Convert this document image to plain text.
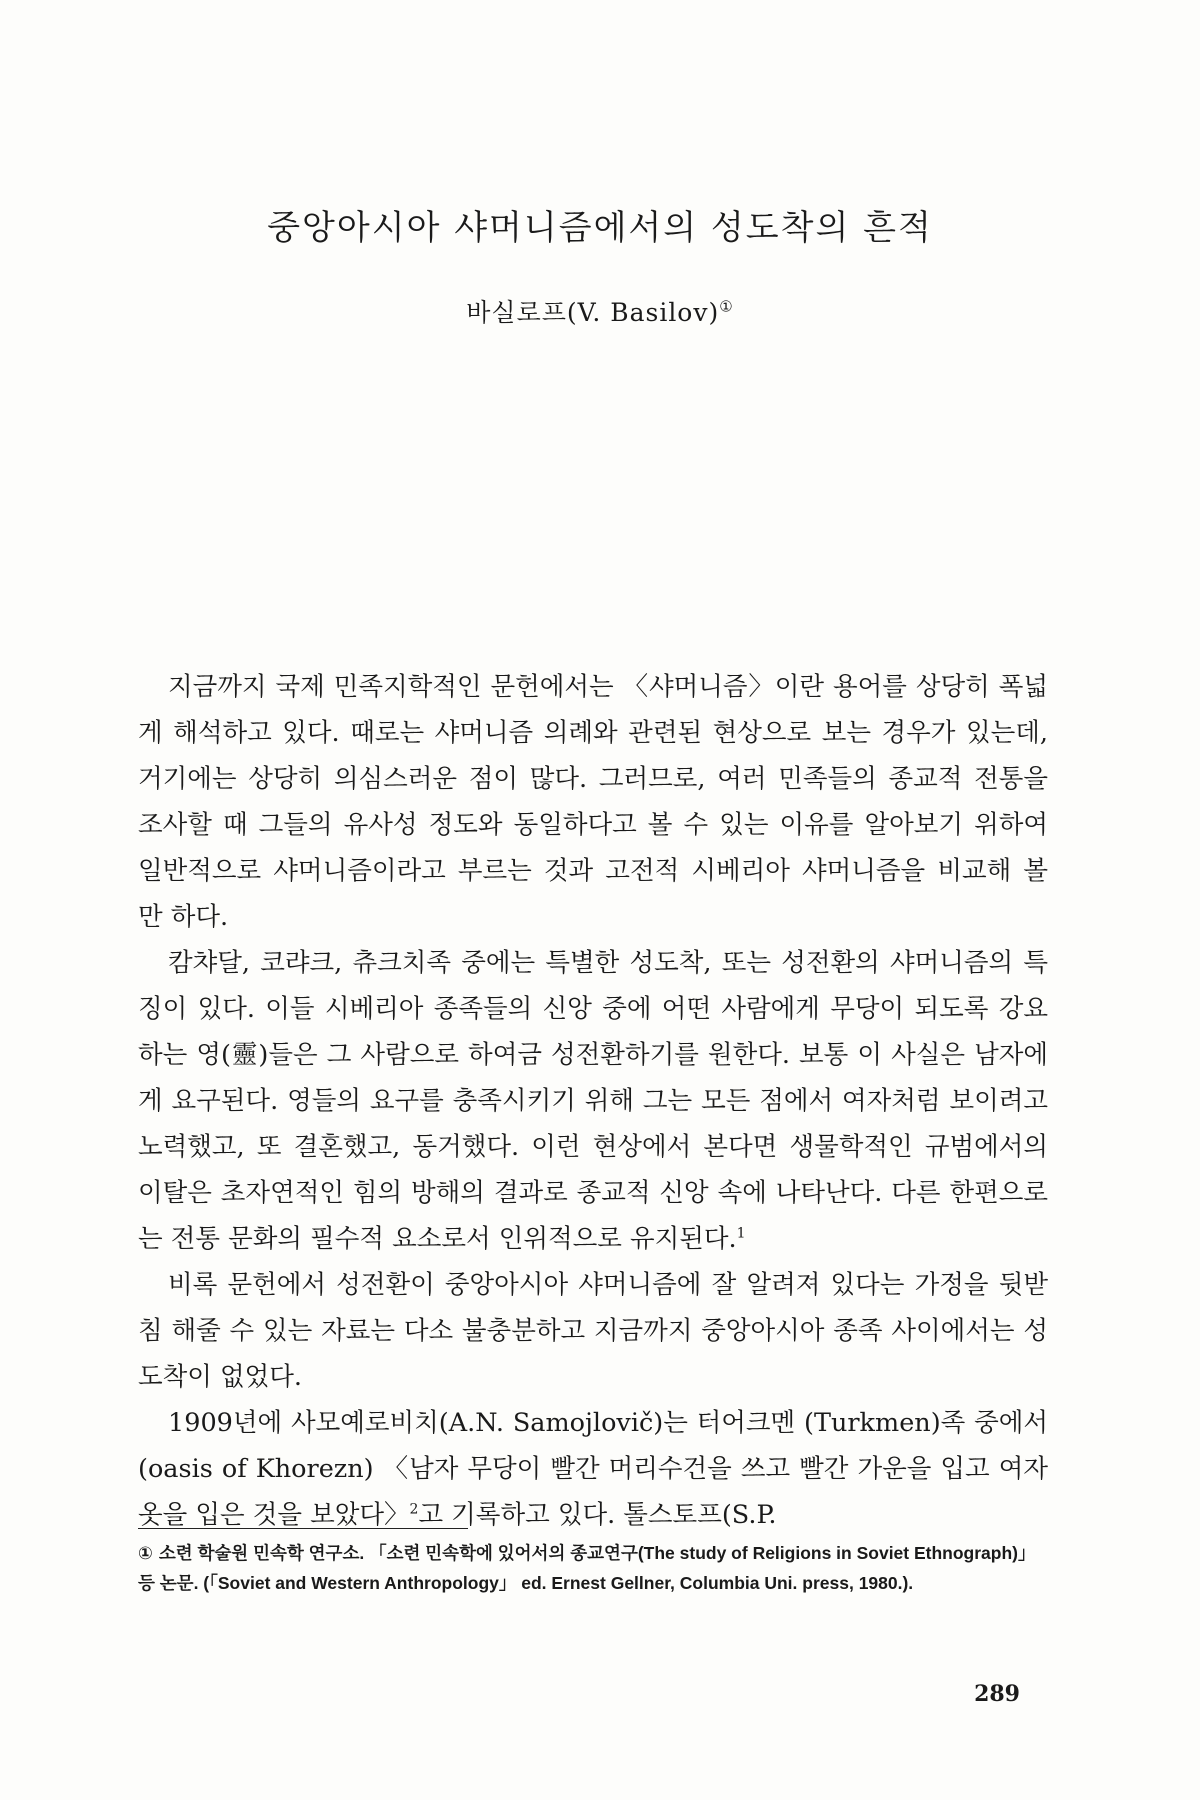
중앙아시아 샤머니즘에서의 성도착의 흔적
바실로프(V. Basilov)①

지금까지 국제 민족지학적인 문헌에서는 〈샤머니즘〉이란 용어를 상당히 폭넓게 해석하고 있다. 때로는 샤머니즘 의례와 관련된 현상으로 보는 경우가 있는데, 거기에는 상당히 의심스러운 점이 많다. 그러므로, 여러 민족들의 종교적 전통을 조사할 때 그들의 유사성 정도와 동일하다고 볼 수 있는 이유를 알아보기 위하여 일반적으로 샤머니즘이라고 부르는 것과 고전적 시베리아 샤머니즘을 비교해 볼 만 하다.

캄챠달, 코랴크, 츄크치족 중에는 특별한 성도착, 또는 성전환의 샤머니즘의 특징이 있다. 이들 시베리아 종족들의 신앙 중에 어떤 사람에게 무당이 되도록 강요하는 영(靈)들은 그 사람으로 하여금 성전환하기를 원한다. 보통 이 사실은 남자에게 요구된다. 영들의 요구를 충족시키기 위해 그는 모든 점에서 여자처럼 보이려고 노력했고, 또 결혼했고, 동거했다. 이런 현상에서 본다면 생물학적인 규범에서의 이탈은 초자연적인 힘의 방해의 결과로 종교적 신앙 속에 나타난다. 다른 한편으로는 전통 문화의 필수적 요소로서 인위적으로 유지된다.$^1$

비록 문헌에서 성전환이 중앙아시아 샤머니즘에 잘 알려져 있다는 가정을 뒷받침 해줄 수 있는 자료는 다소 불충분하고 지금까지 중앙아시아 종족 사이에서는 성도착이 없었다.

1909년에 사모예로비치(A.N. Samojlovič)는 터어크멘 (Turkmen)족 중에서(oasis of Khorezn) 〈남자 무당이 빨간 머리수건을 쓰고 빨간 가운을 입고 여자옷을 입은 것을 보았다〉$^2$고 기록하고 있다. 톨스토프(S.P.

① 소련 학술원 민속학 연구소. 「소련 민속학에 있어서의 종교연구(The study of Religions in Soviet Ethnograph)」등 논문. (「Soviet and Western Anthropology」 ed. Ernest Gellner, Columbia Uni. press, 1980.).
289
